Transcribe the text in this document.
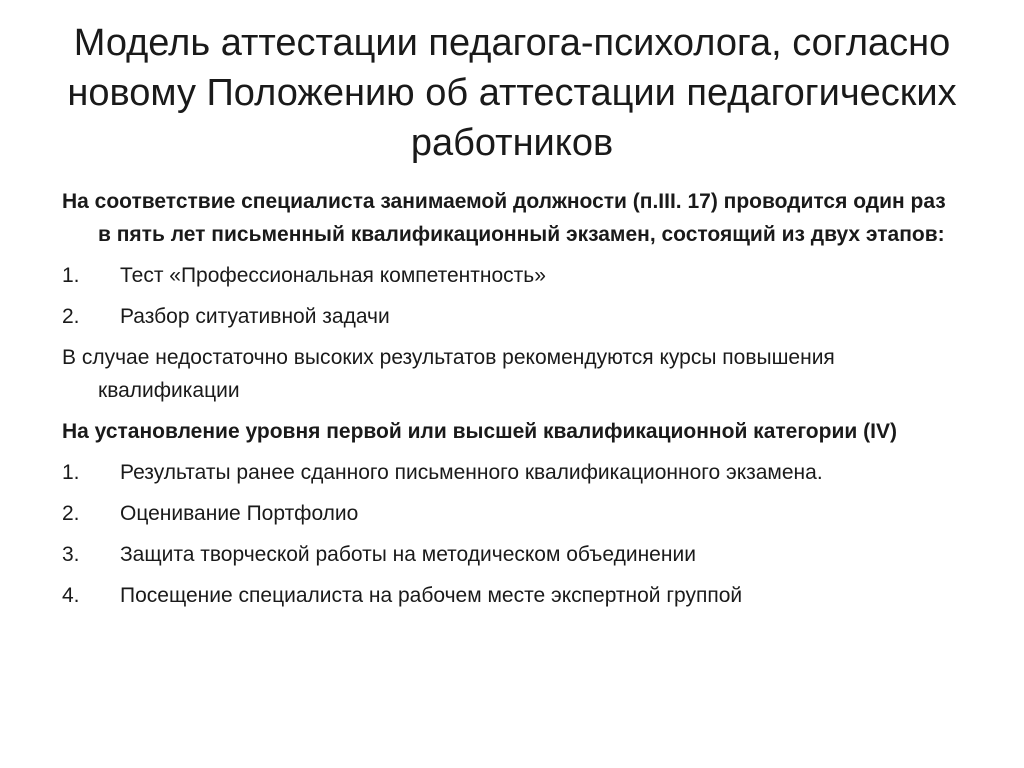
Модель аттестации педагога-психолога, согласно новому Положению об аттестации педагогических работников

На соответствие специалиста занимаемой должности (п.III. 17) проводится один раз в пять лет письменный квалификационный экзамен, состоящий из двух этапов:

1.	Тест «Профессиональная компетентность»
2.	Разбор ситуативной задачи

В случае недостаточно высоких результатов рекомендуются курсы повышения квалификации

На установление уровня первой или высшей квалификационной категории (IV)

1.	Результаты ранее сданного письменного квалификационного экзамена.
2.	Оценивание Портфолио
3.	Защита творческой работы на методическом объединении
4.	Посещение специалиста на рабочем месте экспертной группой
